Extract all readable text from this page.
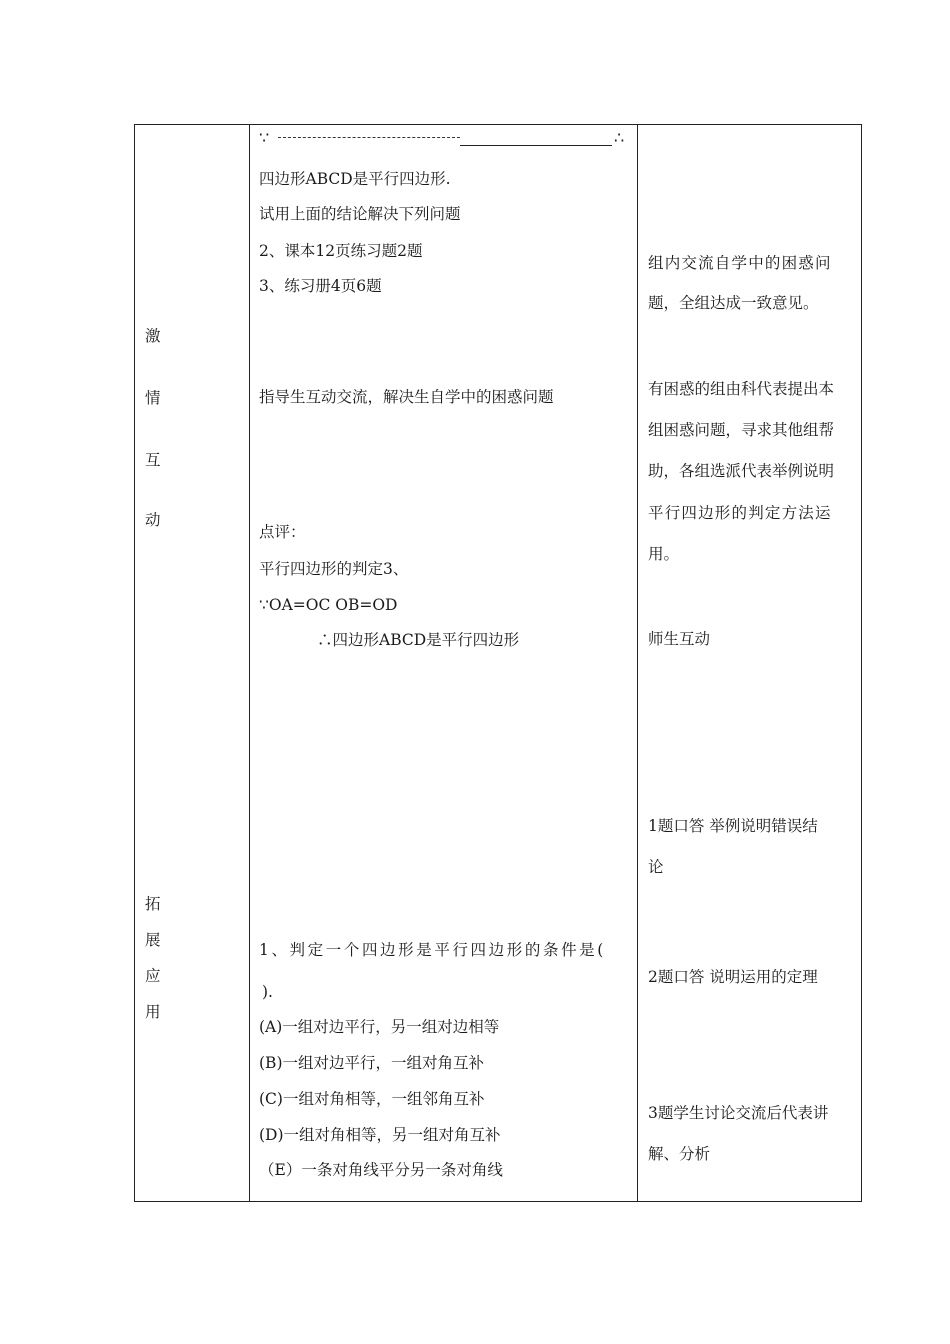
激
情
互
动
拓
展
应
用
∵	∴
四边形ABCD是平行四边形.
试用上面的结论解决下列问题
2、课本12页练习题2题
3、练习册4页6题
指导生互动交流，解决生自学中的困惑问题
点评：
平行四边形的判定3、
∵OA=OC OB=OD
∴四边形ABCD是平行四边形
1、判定一个四边形是平行四边形的条件是(
).
(A)一组对边平行，另一组对边相等
(B)一组对边平行，一组对角互补
(C)一组对角相等，一组邻角互补
(D)一组对角相等，另一组对角互补
（E）一条对角线平分另一条对角线
组内交流自学中的困惑问
题，全组达成一致意见。
有困惑的组由科代表提出本
组困惑问题，寻求其他组帮
助，各组选派代表举例说明
平行四边形的判定方法运
用。
师生互动
1题口答 举例说明错误结
论
2题口答 说明运用的定理
3题学生讨论交流后代表讲
解、分析
